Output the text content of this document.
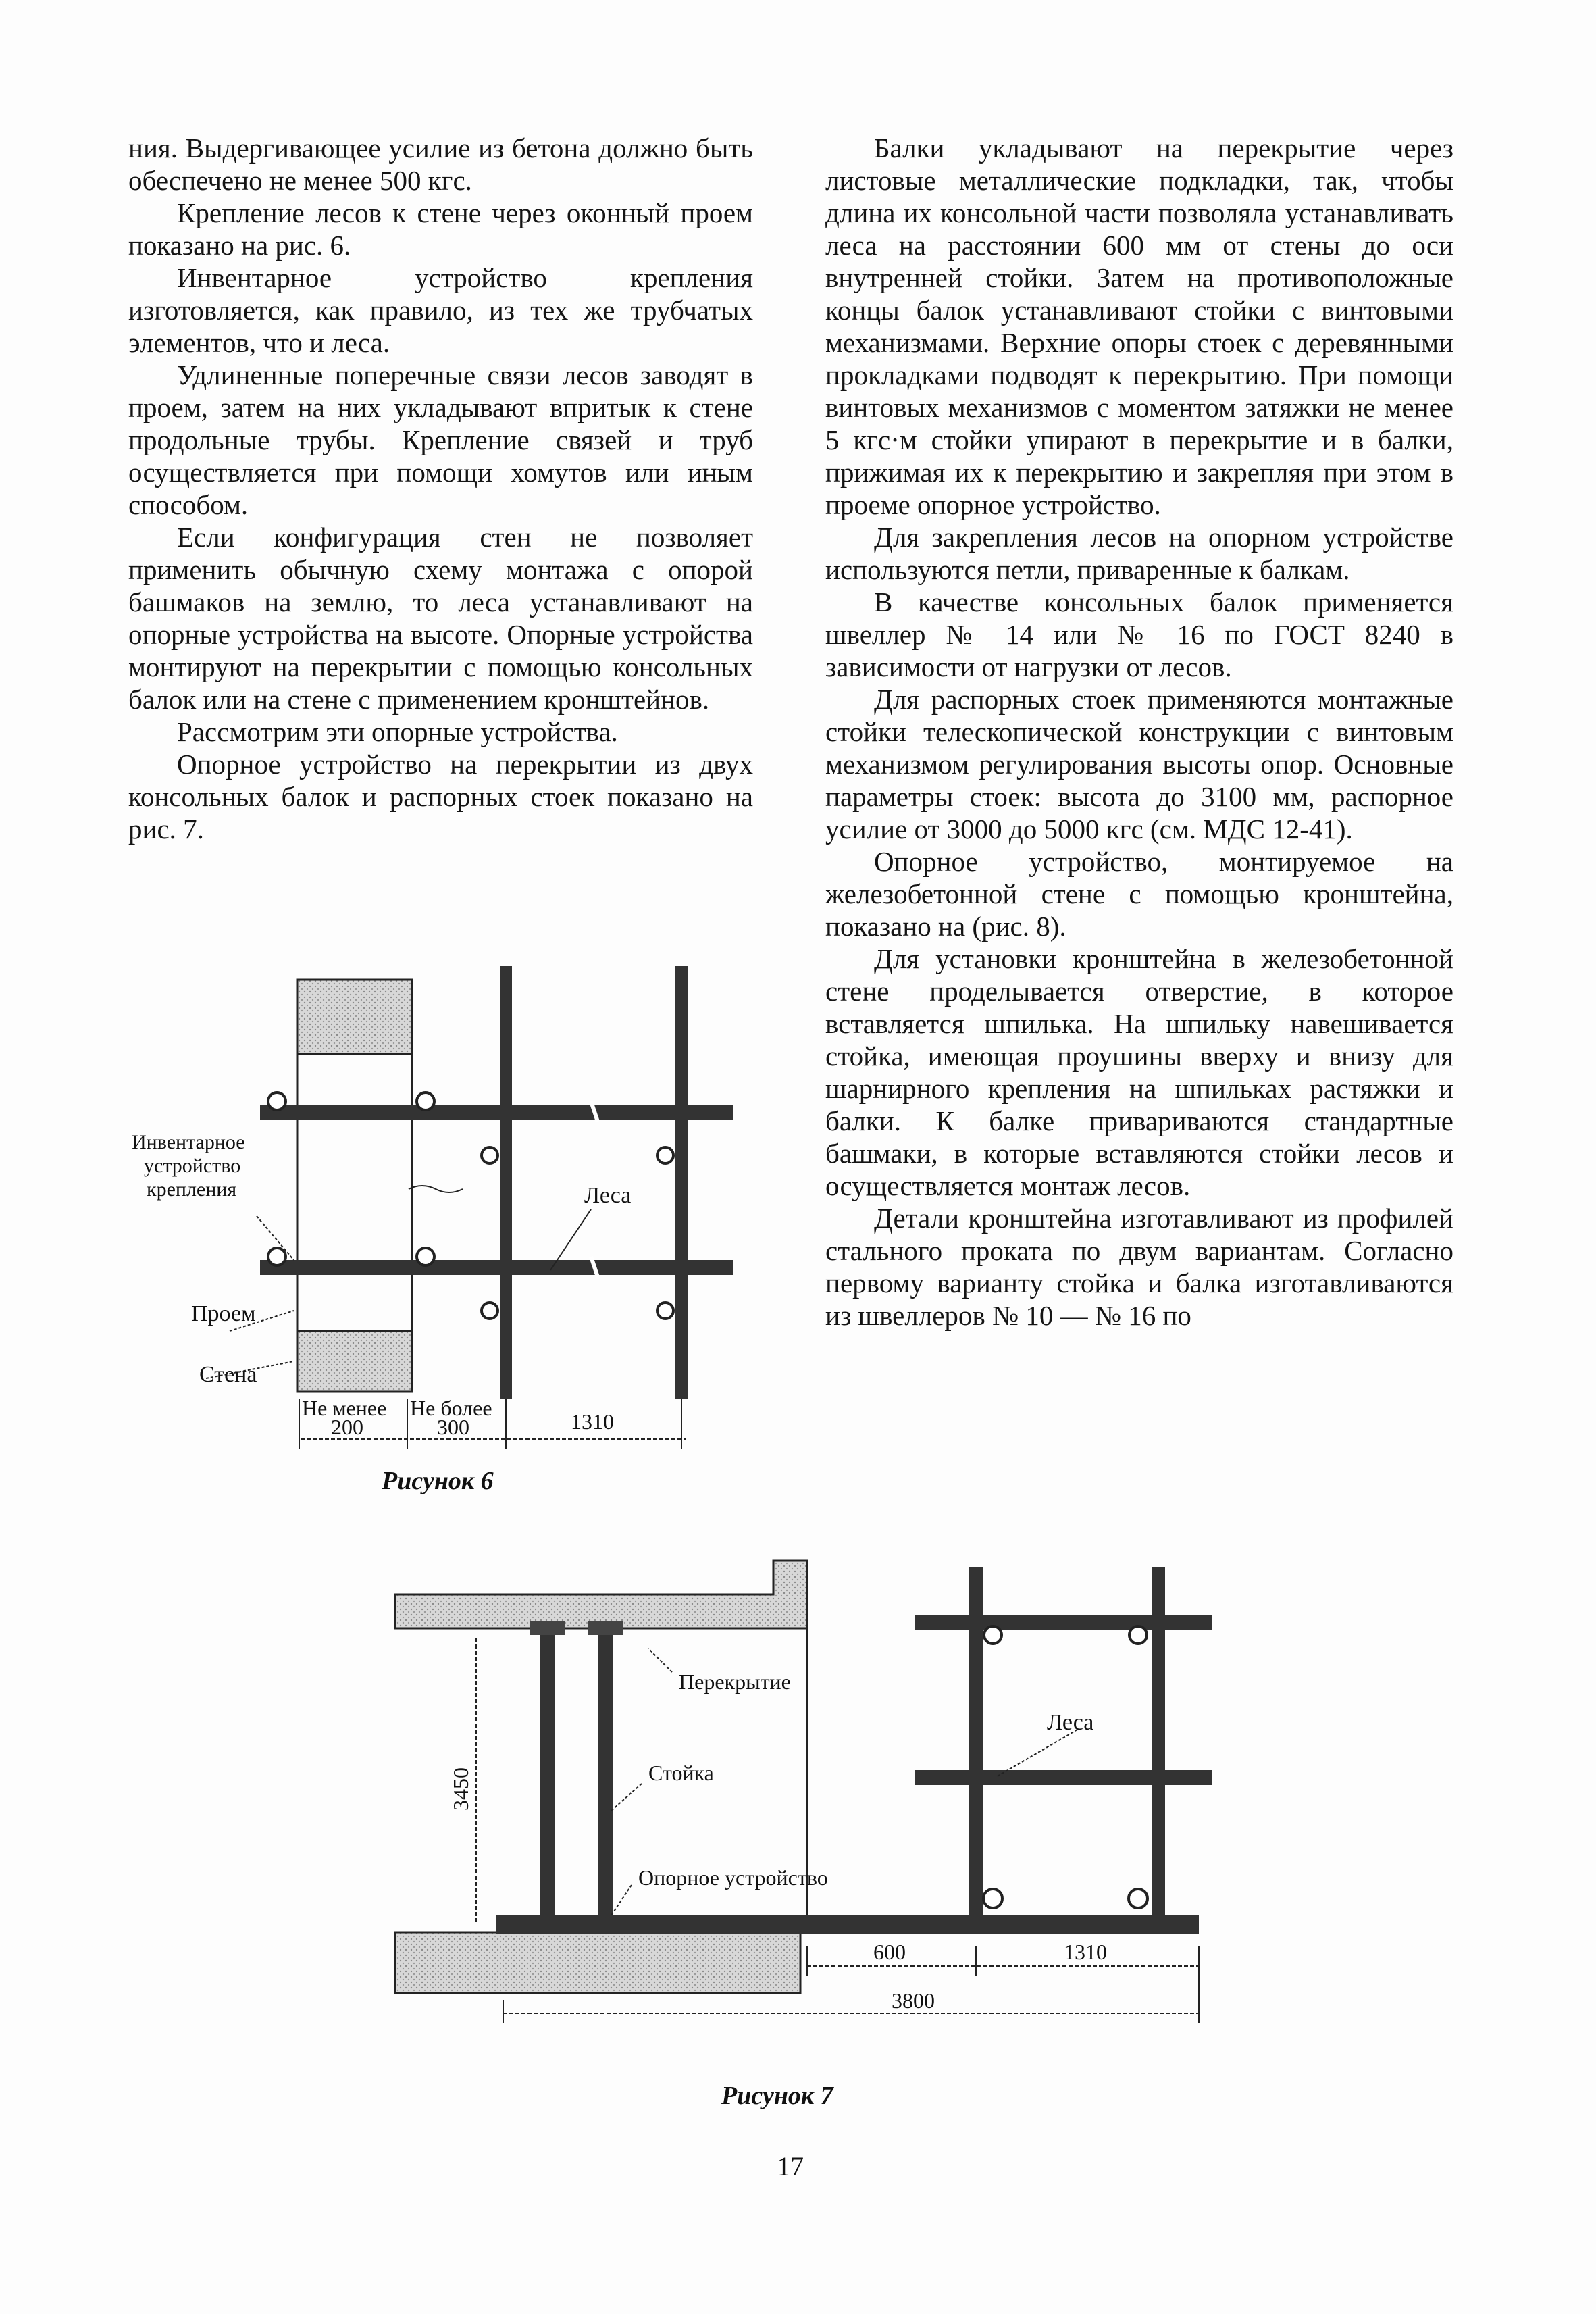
ния. Выдергивающее усилие из бетона должно быть обеспечено не менее 500 кгс.

Крепление лесов к стене через оконный проем показано на рис. 6.

Инвентарное устройство крепления изготовляется, как правило, из тех же трубчатых элементов, что и леса.

Удлиненные поперечные связи лесов заводят в проем, затем на них укладывают впритык к стене продольные трубы. Крепление связей и труб осуществляется при помощи хомутов или иным способом.

Если конфигурация стен не позволяет применить обычную схему монтажа с опорой башмаков на землю, то леса устанавливают на опорные устройства на высоте. Опорные устройства монтируют на перекрытии с помощью консольных балок или на стене с применением кронштейнов.

Рассмотрим эти опорные устройства.

Опорное устройство на перекрытии из двух консольных балок и распорных стоек показано на рис. 7.

Балки укладывают на перекрытие через листовые металлические подкладки, так, чтобы длина их консольной части позволяла устанавливать леса на расстоянии 600 мм от стены до оси внутренней стойки. Затем на противоположные концы балок устанавливают стойки с винтовыми механизмами. Верхние опоры стоек с деревянными прокладками подводят к перекрытию. При помощи винтовых механизмов с моментом затяжки не менее 5 кгс·м стойки упирают в перекрытие и в балки, прижимая их к перекрытию и закрепляя при этом в проеме опорное устройство.

Для закрепления лесов на опорном устройстве используются петли, приваренные к балкам.

В качестве консольных балок применяется швеллер № 14 или № 16 по ГОСТ 8240 в зависимости от нагрузки от лесов.

Для распорных стоек применяются монтажные стойки телескопической конструкции с винтовым механизмом регулирования высоты опор. Основные параметры стоек: высота до 3100 мм, распорное усилие от 3000 до 5000 кгс (см. МДС 12-41).

Опорное устройство, монтируемое на железобетонной стене с помощью кронштейна, показано на (рис. 8).

Для установки кронштейна в железобетонной стене проделывается отверстие, в которое вставляется шпилька. На шпильку навешивается стойка, имеющая проушины вверху и внизу для шарнирного крепления на шпильках растяжки и балки. К балке привариваются стандартные башмаки, в которые вставляются стойки лесов и осуществляется монтаж лесов.

Детали кронштейна изготавливают из профилей стального проката по двум вариантам. Согласно первому варианту стойка и балка изготавливаются из швеллеров № 10 — № 16 по

Инвентарное
устройство
крепления	Леса
Проем
Стена
Не менее
200
Не более
300	1310
Рисунок 6
Перекрытие
Стойка
Опорное устройство
Леса
3450
600	1310
3800
Рисунок 7
17
